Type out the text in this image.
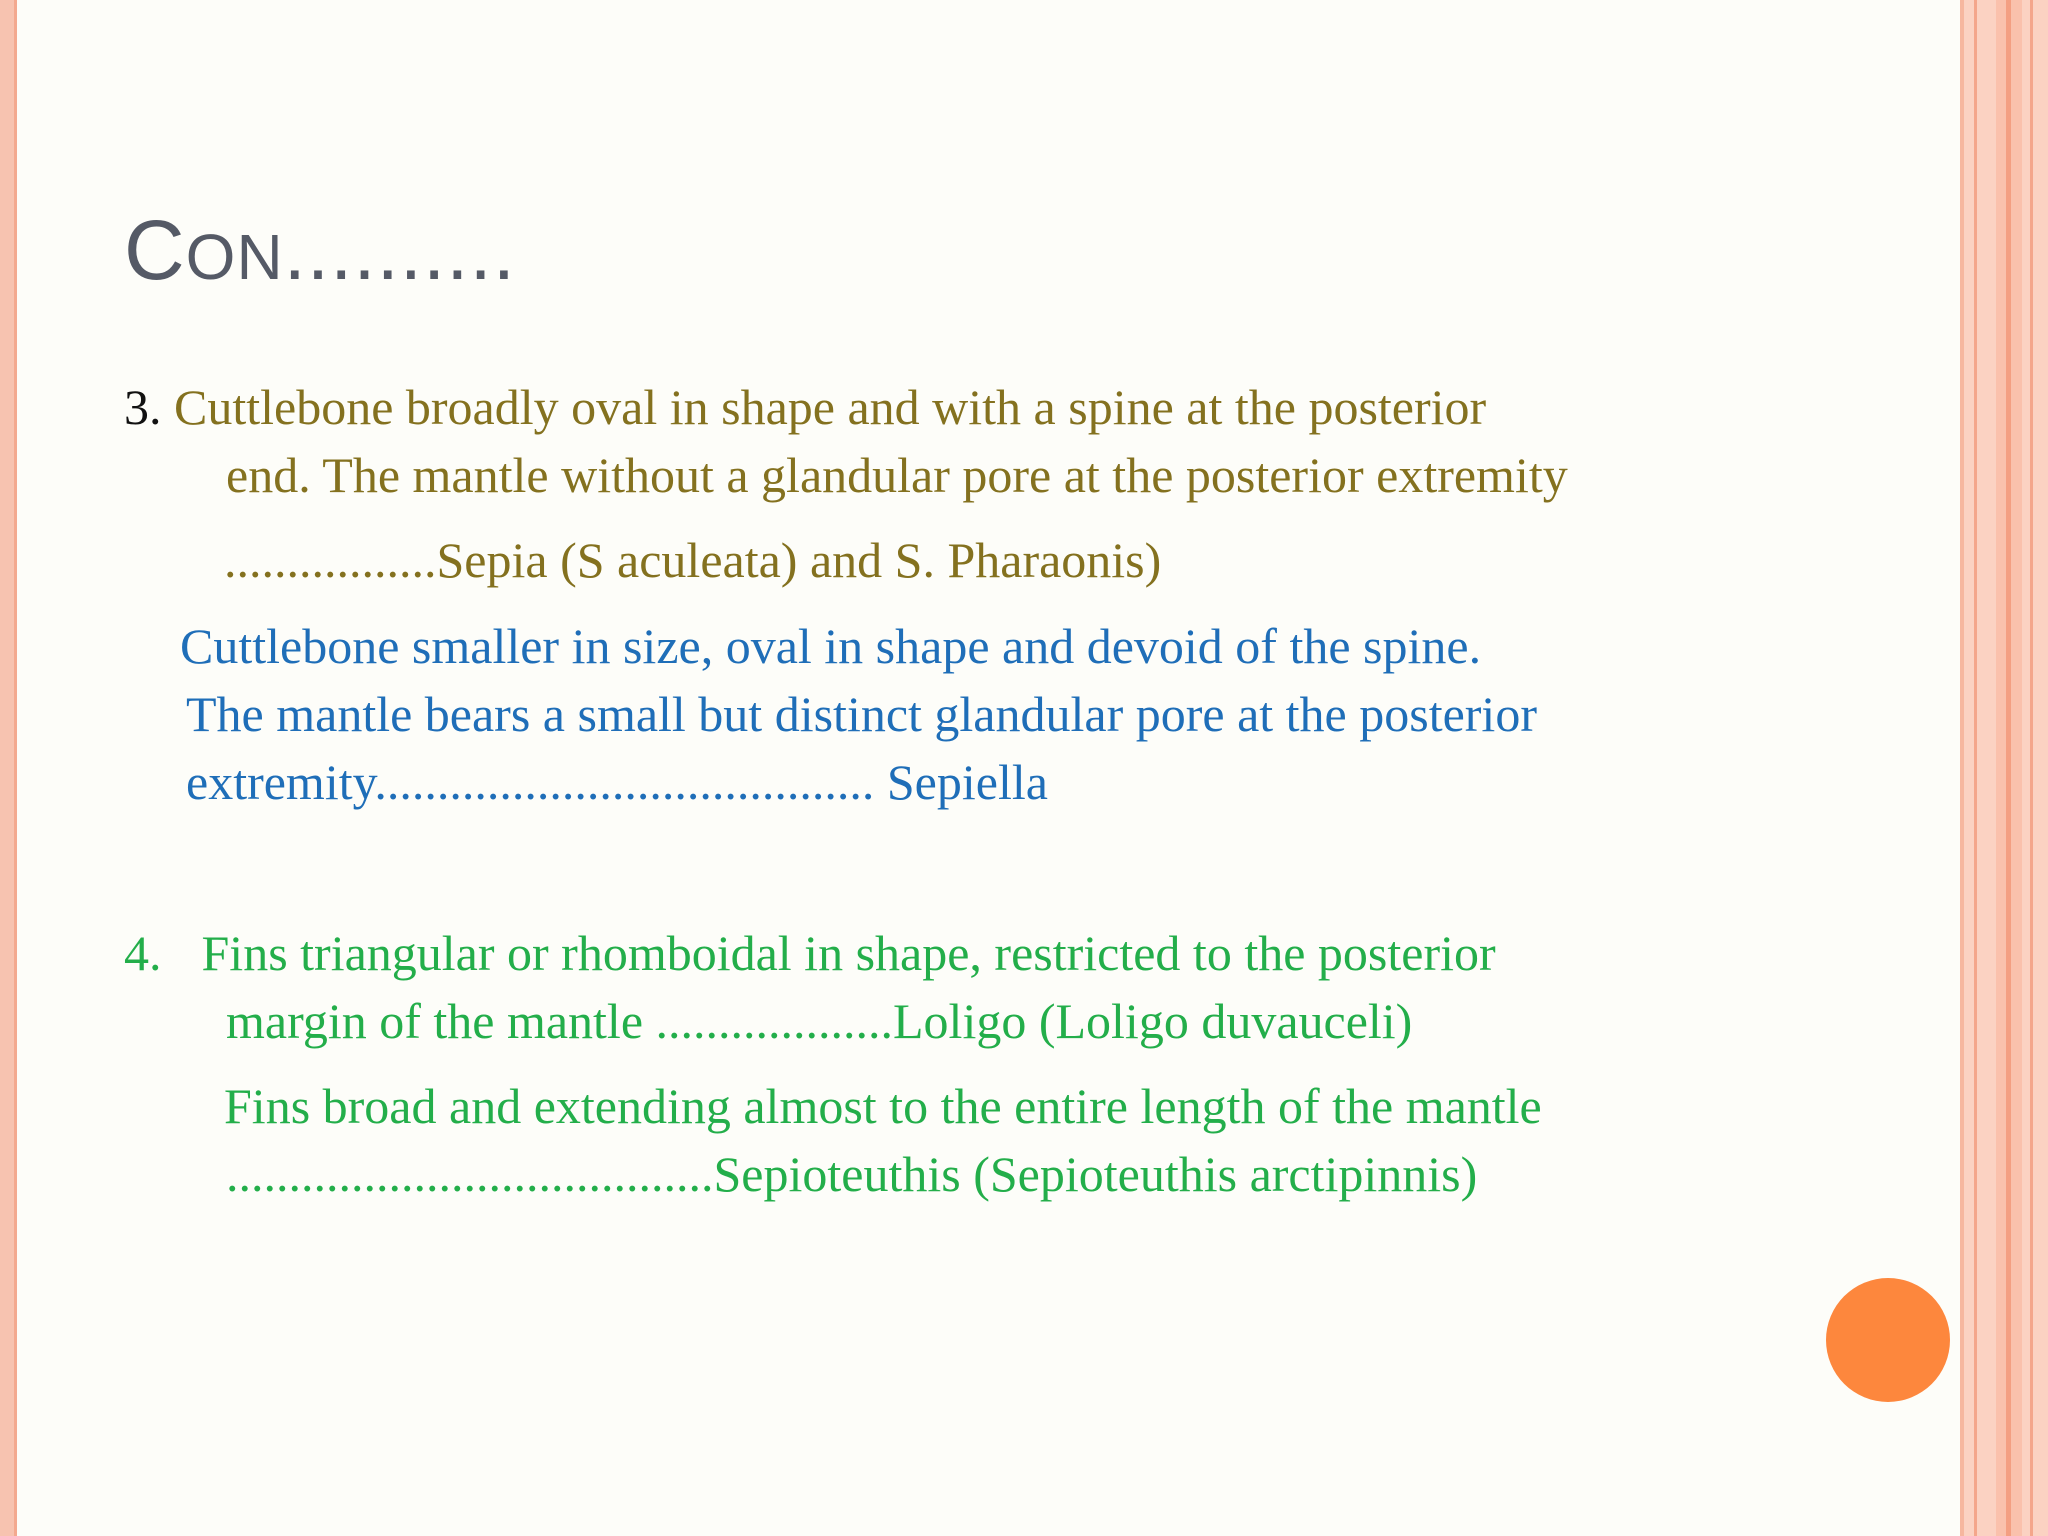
CON..........
3. Cuttlebone broadly oval in shape and with a spine at the posterior
end. The mantle without a glandular pore at the posterior extremity
.................Sepia (S aculeata) and S. Pharaonis)
Cuttlebone smaller in size, oval in shape and devoid of the spine.
The mantle bears a small but distinct glandular pore at the posterior
extremity........................................ Sepiella
4. Fins triangular or rhomboidal in shape, restricted to the posterior
margin of the mantle ...................Loligo (Loligo duvauceli)
Fins broad and extending almost to the entire length of the mantle
.......................................Sepioteuthis (Sepioteuthis arctipinnis)
